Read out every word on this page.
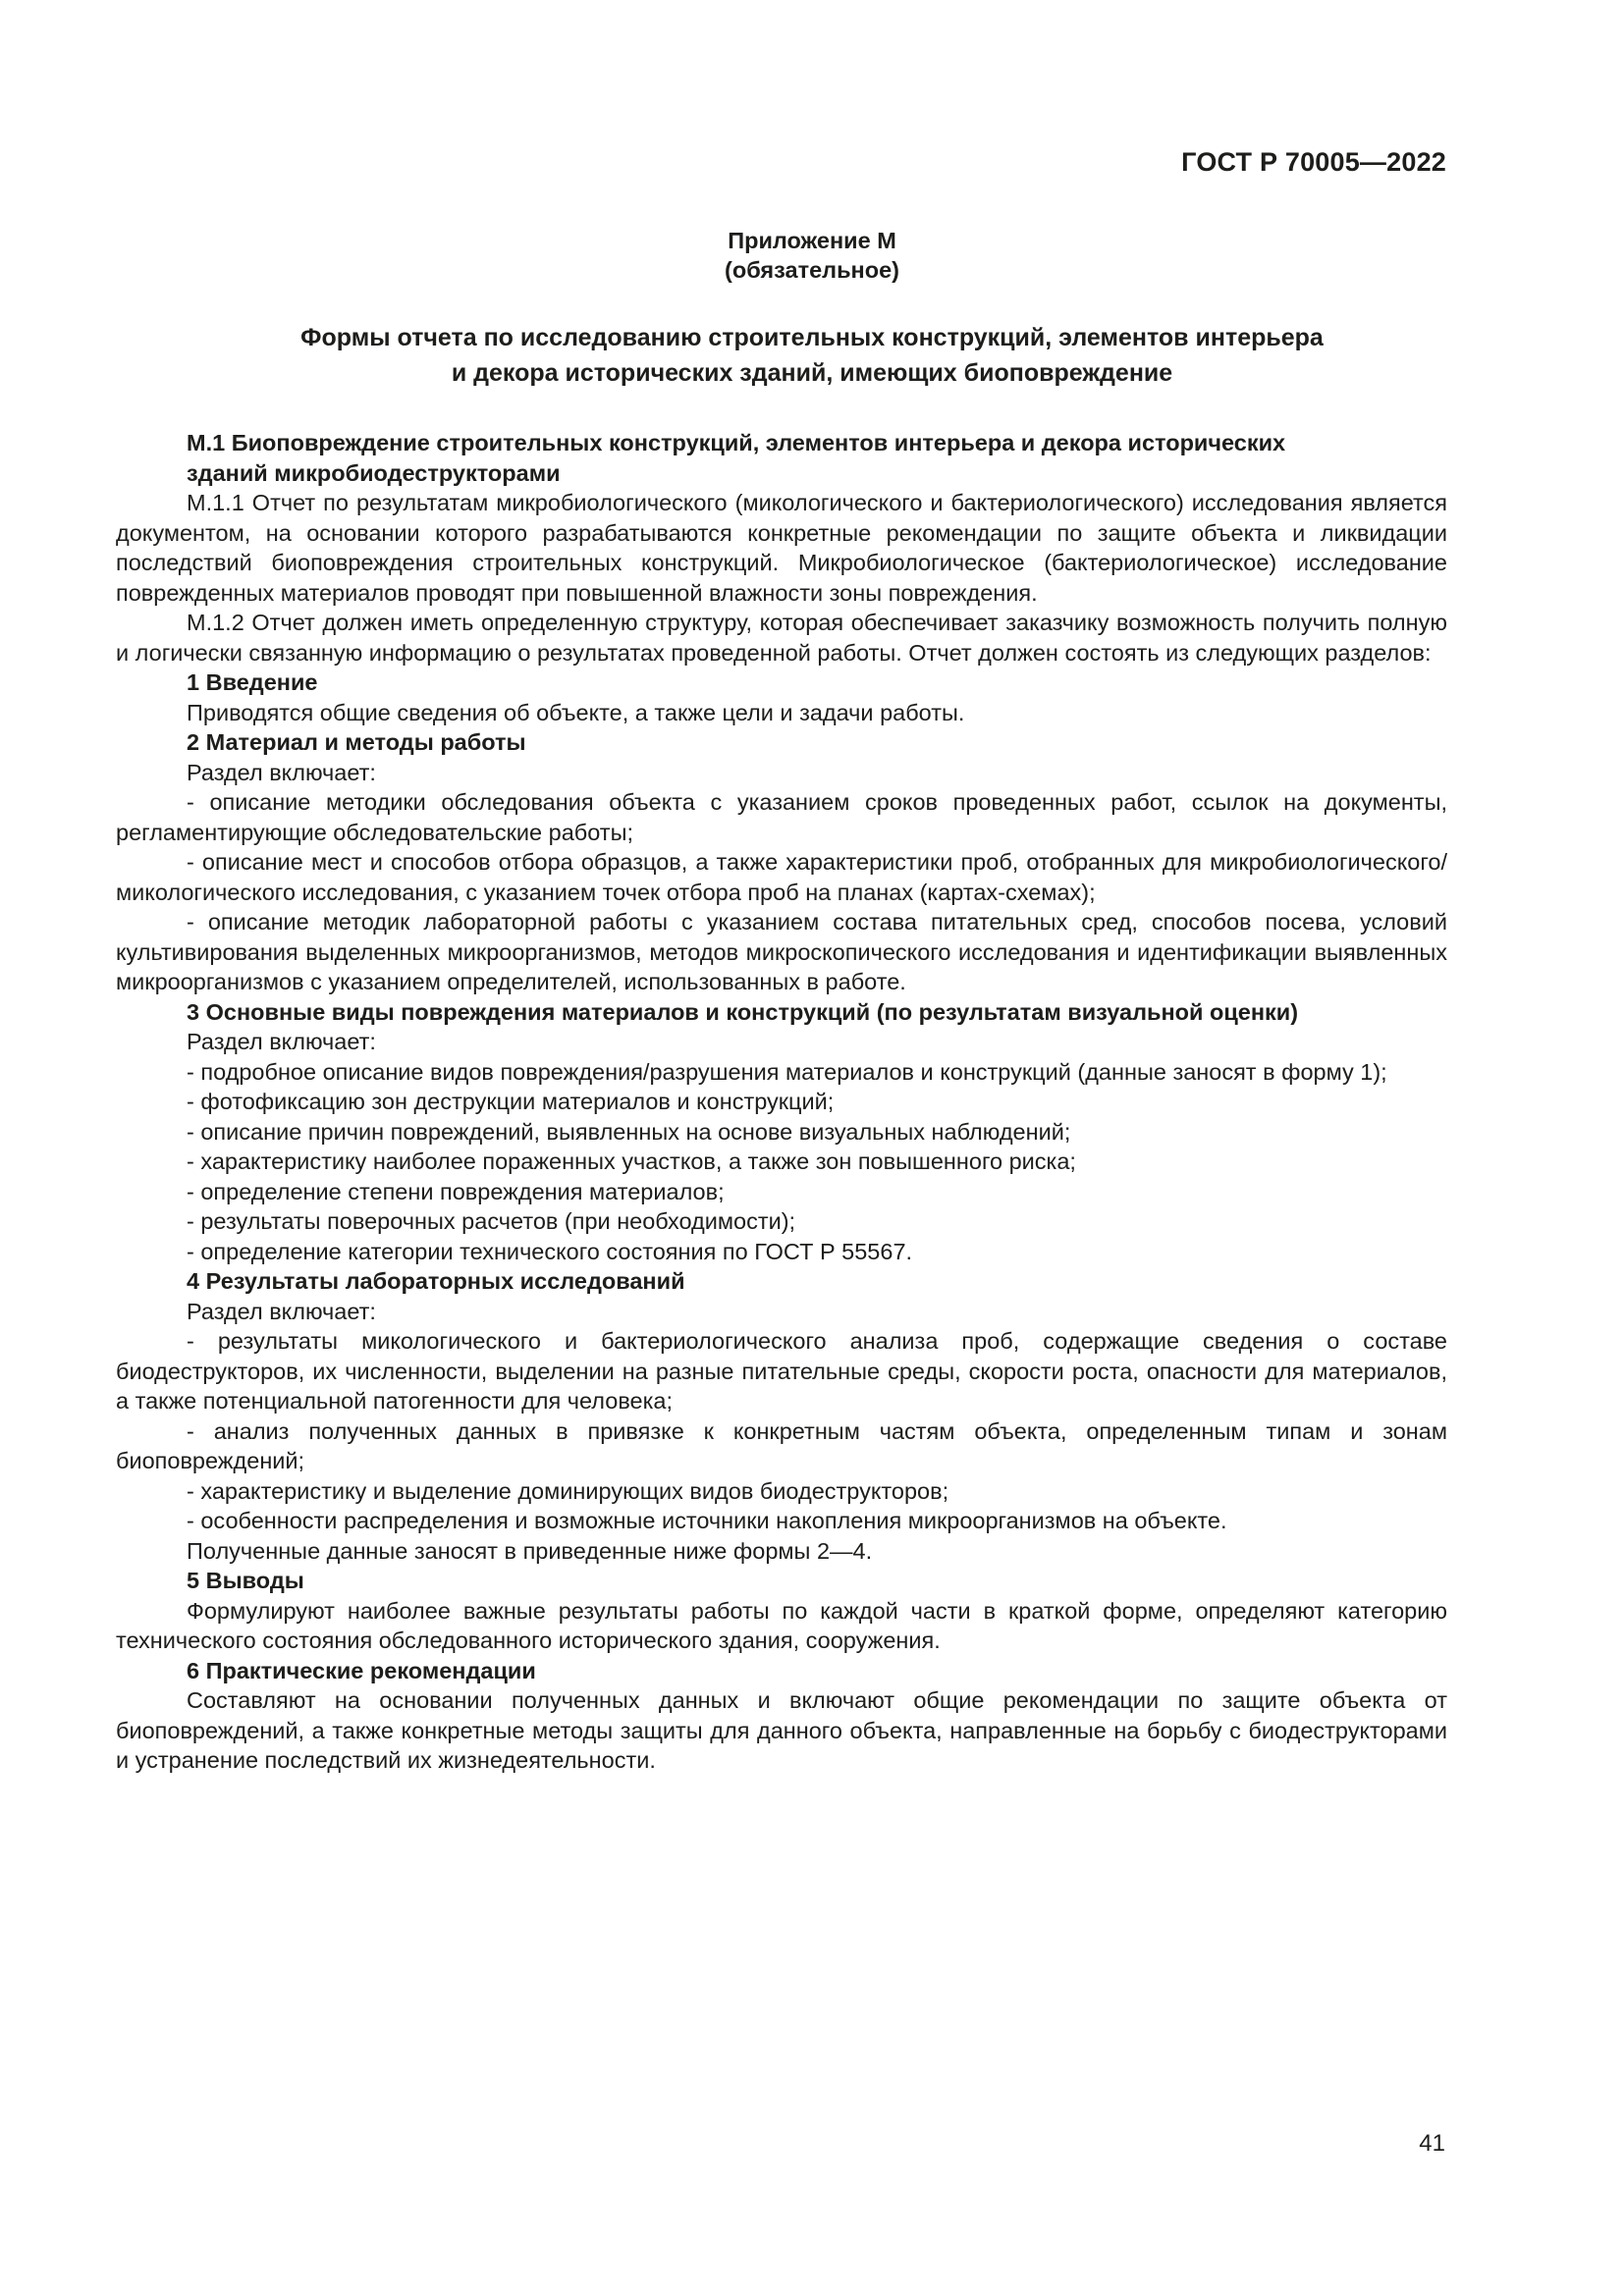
ГОСТ Р 70005—2022
Приложение М
(обязательное)
Формы отчета по исследованию строительных конструкций, элементов интерьера
и декора исторических зданий, имеющих биоповреждение
М.1 Биоповреждение строительных конструкций, элементов интерьера и декора исторических
зданий микробиодеструкторами

М.1.1 Отчет по результатам микробиологического (микологического и бактериологического) исследования является документом, на основании которого разрабатываются конкретные рекомендации по защите объекта и ликвидации последствий биоповреждения строительных конструкций. Микробиологическое (бактериологическое) исследование поврежденных материалов проводят при повышенной влажности зоны повреждения.

М.1.2 Отчет должен иметь определенную структуру, которая обеспечивает заказчику возможность получить полную и логически связанную информацию о результатах проведенной работы. Отчет должен состоять из следующих разделов:

1 Введение

Приводятся общие сведения об объекте, а также цели и задачи работы.

2 Материал и методы работы

Раздел включает:

- описание методики обследования объекта с указанием сроков проведенных работ, ссылок на документы, регламентирующие обследовательские работы;

- описание мест и способов отбора образцов, а также характеристики проб, отобранных для микробиологического/микологического исследования, с указанием точек отбора проб на планах (картах-схемах);

- описание методик лабораторной работы с указанием состава питательных сред, способов посева, условий культивирования выделенных микроорганизмов, методов микроскопического исследования и идентификации выявленных микроорганизмов с указанием определителей, использованных в работе.

3 Основные виды повреждения материалов и конструкций (по результатам визуальной оценки)

Раздел включает:

- подробное описание видов повреждения/разрушения материалов и конструкций (данные заносят в форму 1);

- фотофиксацию зон деструкции материалов и конструкций;

- описание причин повреждений, выявленных на основе визуальных наблюдений;

- характеристику наиболее пораженных участков, а также зон повышенного риска;

- определение степени повреждения материалов;

- результаты поверочных расчетов (при необходимости);

- определение категории технического состояния по ГОСТ Р 55567.

4 Результаты лабораторных исследований

Раздел включает:

- результаты микологического и бактериологического анализа проб, содержащие сведения о составе биодеструкторов, их численности, выделении на разные питательные среды, скорости роста, опасности для материалов, а также потенциальной патогенности для человека;

- анализ полученных данных в привязке к конкретным частям объекта, определенным типам и зонам биоповреждений;

- характеристику и выделение доминирующих видов биодеструкторов;

- особенности распределения и возможные источники накопления микроорганизмов на объекте.

Полученные данные заносят в приведенные ниже формы 2—4.

5 Выводы

Формулируют наиболее важные результаты работы по каждой части в краткой форме, определяют категорию технического состояния обследованного исторического здания, сооружения.

6 Практические рекомендации

Составляют на основании полученных данных и включают общие рекомендации по защите объекта от биоповреждений, а также конкретные методы защиты для данного объекта, направленные на борьбу с биодеструкторами и устранение последствий их жизнедеятельности.

41
